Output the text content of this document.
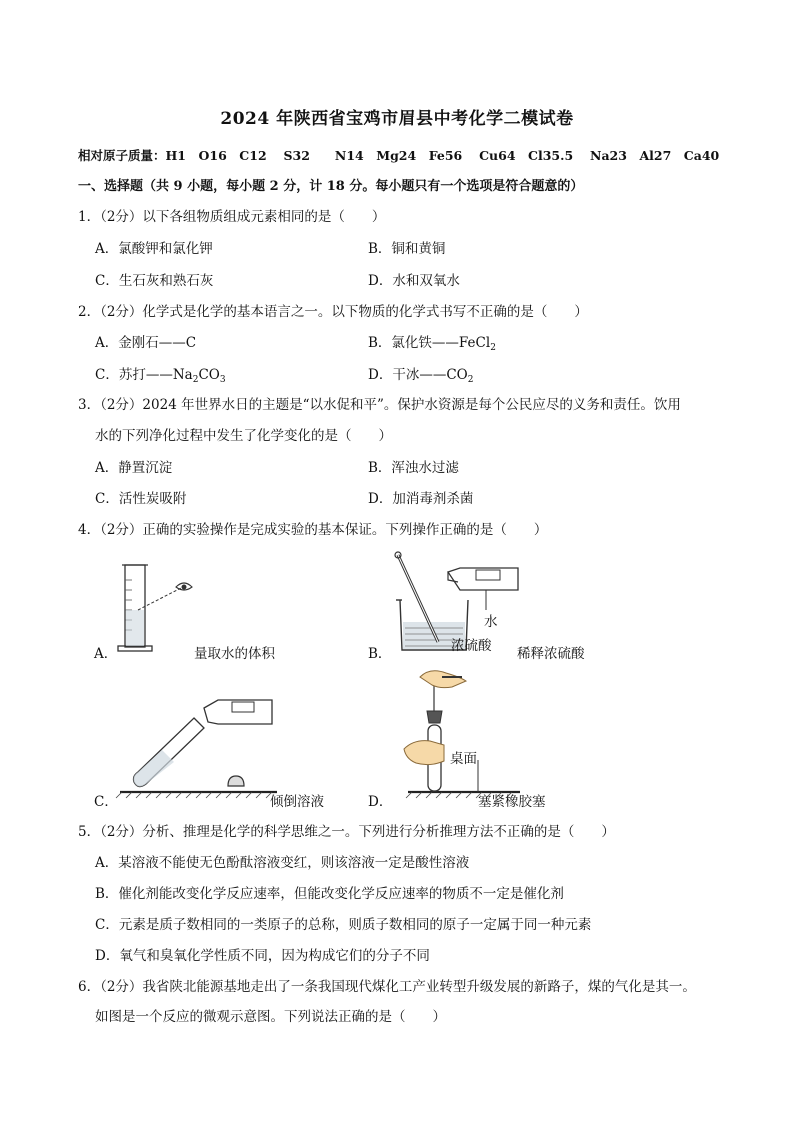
2024 年陕西省宝鸡市眉县中考化学二模试卷
相对原子质量：H1　O16　C12　 S32　　N14　Mg24　Fe56　 Cu64　Cl35.5　 Na23　Al27　Ca40
一、选择题（共 9 小题，每小题 2 分，计 18 分。每小题只有一个选项是符合题意的）
1．（2分）以下各组物质组成元素相同的是（　　）
A．氯酸钾和氯化钾	B．铜和黄铜
C．生石灰和熟石灰	D．水和双氧水
2．（2分）化学式是化学的基本语言之一。以下物质的化学式书写不正确的是（　　）
A．金刚石——C	B．氯化铁——FeCl$_2$
C．苏打$——Na_2CO_3$	D．干冰$——CO_2$
3．（2分）2024 年世界水日的主题是“以水促和平”。保护水资源是每个公民应尽的义务和责任。饮用
水的下列净化过程中发生了化学变化的是（　　）
A．静置沉淀	B．浑浊水过滤
C．活性炭吸附	D．加消毒剂杀菌
4．（2分）正确的实验操作是完成实验的基本保证。下列操作正确的是（　　）
A．	量取水的体积	B．
水
浓硫酸 稀释浓硫酸
C．	倾倒溶液	D．
桌面
塞紧橡胶塞
5．（2分）分析、推理是化学的科学思维之一。下列进行分析推理方法不正确的是（　　）
A．某溶液不能使无色酚酞溶液变红，则该溶液一定是酸性溶液
B．催化剂能改变化学反应速率，但能改变化学反应速率的物质不一定是催化剂
C．元素是质子数相同的一类原子的总称，则质子数相同的原子一定属于同一种元素
D．氧气和臭氧化学性质不同，因为构成它们的分子不同
6．（2分）我省陕北能源基地走出了一条我国现代煤化工产业转型升级发展的新路子，煤的气化是其一。
如图是一个反应的微观示意图。下列说法正确的是（　　）
